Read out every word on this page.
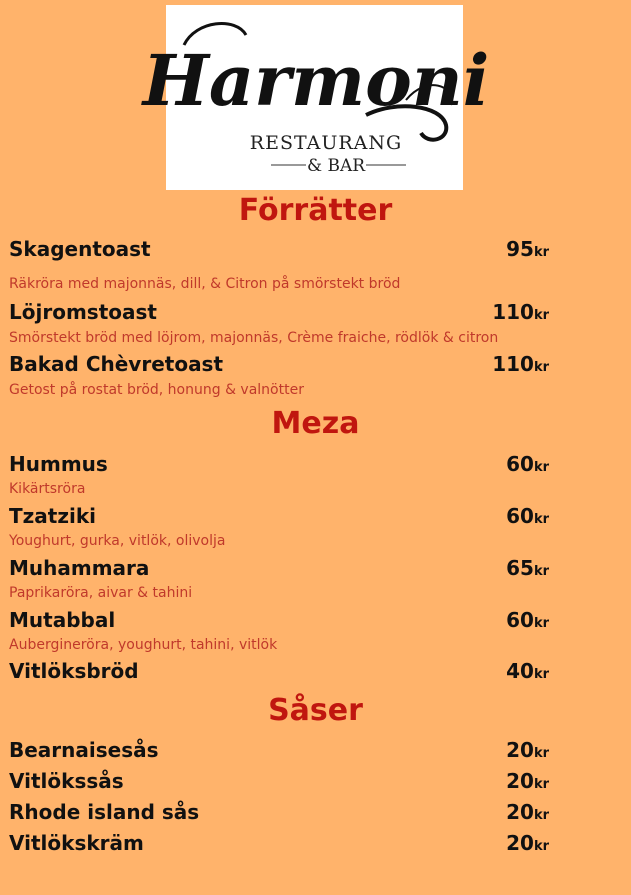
Harmoni
RESTAURANG
& BAR
Förrätter
Skagentoast	95kr
Räkröra med majonnäs, dill, & Citron på smörstekt bröd
Löjromstoast	110kr
Smörstekt bröd med löjrom, majonnäs, Crème fraiche, rödlök & citron
Bakad Chèvretoast	110kr
Getost på rostat bröd, honung & valnötter
Meza
Hummus	60kr
Kikärtsröra
Tzatziki	60kr
Youghurt, gurka, vitlök, olivolja
Muhammara	65kr
Paprikaröra, aivar & tahini
Mutabbal	60kr
Aubergineröra, youghurt, tahini, vitlök
Vitlöksbröd	40kr
Såser
Bearnaisesås	20kr
Vitlökssås	20kr
Rhode island sås	20kr
Vitlökskräm	20kr
